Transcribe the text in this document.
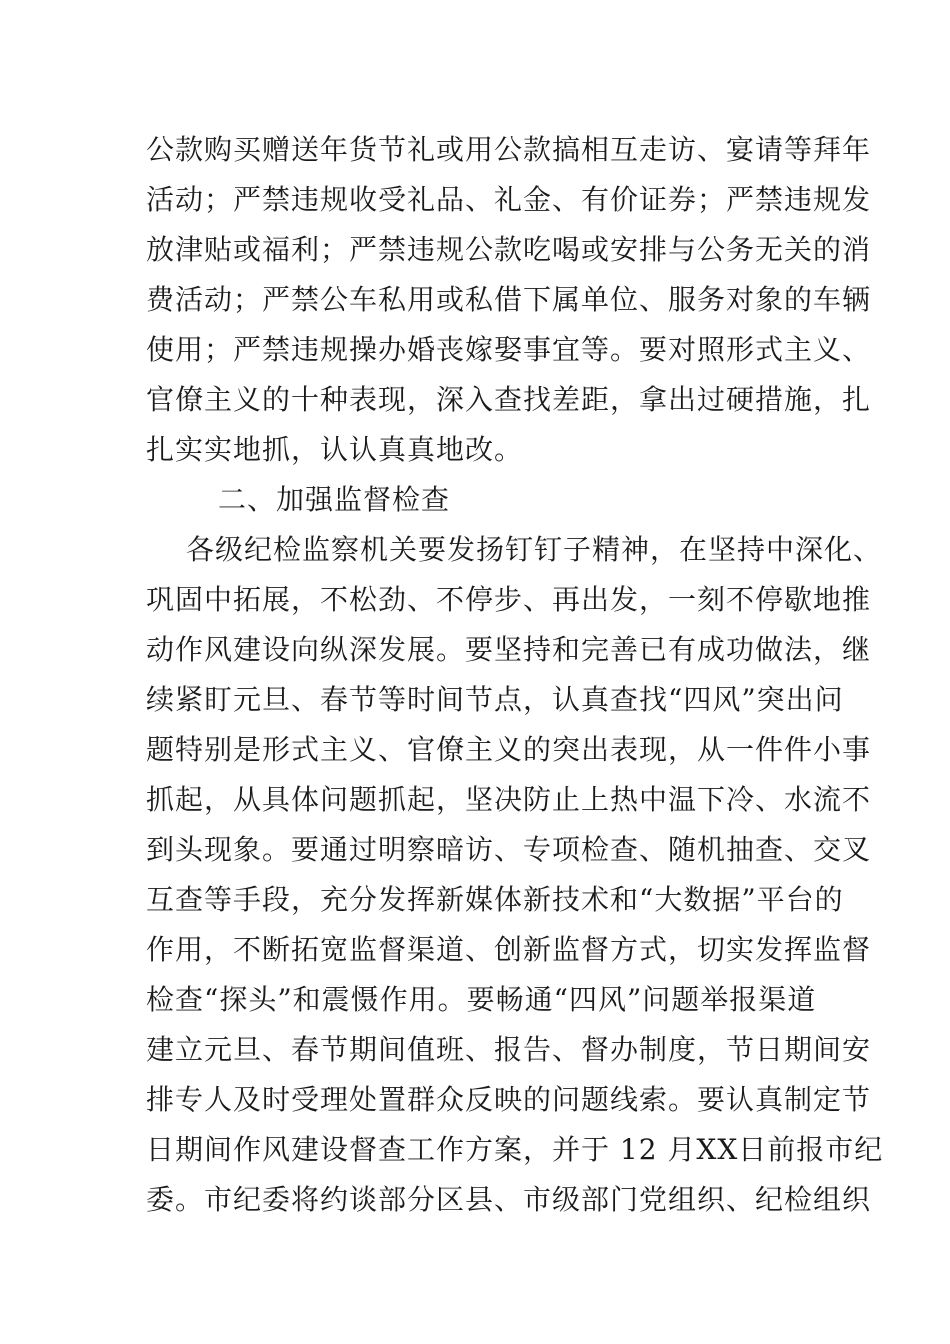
公款购买赠送年货节礼或用公款搞相互走访、宴请等拜年
活动；严禁违规收受礼品、礼金、有价证券；严禁违规发
放津贴或福利；严禁违规公款吃喝或安排与公务无关的消
费活动；严禁公车私用或私借下属单位、服务对象的车辆
使用；严禁违规操办婚丧嫁娶事宜等。要对照形式主义、
官僚主义的十种表现，深入查找差距，拿出过硬措施，扎
扎实实地抓，认认真真地改。
二、加强监督检查
各级纪检监察机关要发扬钉钉子精神，在坚持中深化、
巩固中拓展，不松劲、不停步、再出发，一刻不停歇地推
动作风建设向纵深发展。要坚持和完善已有成功做法，继
续紧盯元旦、春节等时间节点，认真查找“四风”突出问
题特别是形式主义、官僚主义的突出表现，从一件件小事
抓起，从具体问题抓起，坚决防止上热中温下冷、水流不
到头现象。要通过明察暗访、专项检查、随机抽查、交叉
互查等手段，充分发挥新媒体新技术和“大数据”平台的
作用，不断拓宽监督渠道、创新监督方式，切实发挥监督
检查“探头”和震慑作用。要畅通“四风”问题举报渠道
建立元旦、春节期间值班、报告、督办制度，节日期间安
排专人及时受理处置群众反映的问题线索。要认真制定节
日期间作风建设督查工作方案，并于 12 月XX日前报市纪
委。市纪委将约谈部分区县、市级部门党组织、纪检组织
